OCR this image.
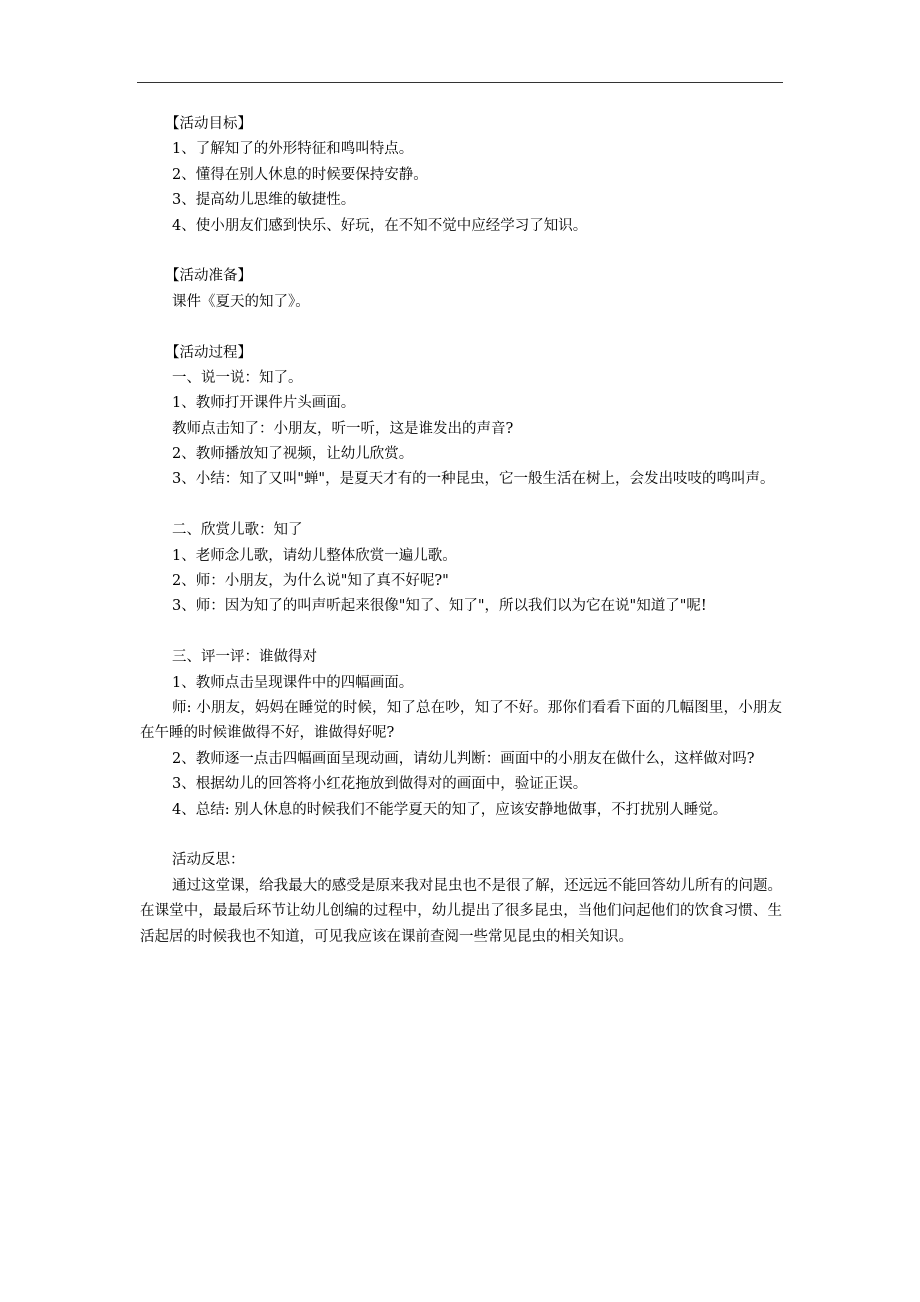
【活动目标】
1、了解知了的外形特征和鸣叫特点。
2、懂得在别人休息的时候要保持安静。
3、提高幼儿思维的敏捷性。
4、使小朋友们感到快乐、好玩，在不知不觉中应经学习了知识。
【活动准备】
课件《夏天的知了》。
【活动过程】
一、说一说：知了。
1、教师打开课件片头画面。
教师点击知了：小朋友，听一听，这是谁发出的声音?
2、教师播放知了视频，让幼儿欣赏。
3、小结：知了又叫"蝉"，是夏天才有的一种昆虫，它一般生活在树上，会发出吱吱的鸣叫声。
二、欣赏儿歌：知了
1、老师念儿歌，请幼儿整体欣赏一遍儿歌。
2、师：小朋友，为什么说"知了真不好呢?"
3、师：因为知了的叫声听起来很像"知了、知了"，所以我们以为它在说"知道了"呢!
三、评一评：谁做得对
1、教师点击呈现课件中的四幅画面。
师: 小朋友，妈妈在睡觉的时候，知了总在吵，知了不好。那你们看看下面的几幅图里，小朋友在午睡的时候谁做得不好，谁做得好呢?
2、教师逐一点击四幅画面呈现动画，请幼儿判断：画面中的小朋友在做什么，这样做对吗?
3、根据幼儿的回答将小红花拖放到做得对的画面中，验证正误。
4、总结: 别人休息的时候我们不能学夏天的知了，应该安静地做事，不打扰别人睡觉。
活动反思：
通过这堂课，给我最大的感受是原来我对昆虫也不是很了解，还远远不能回答幼儿所有的问题。在课堂中，最最后环节让幼儿创编的过程中，幼儿提出了很多昆虫，当他们问起他们的饮食习惯、生活起居的时候我也不知道，可见我应该在课前查阅一些常见昆虫的相关知识。
